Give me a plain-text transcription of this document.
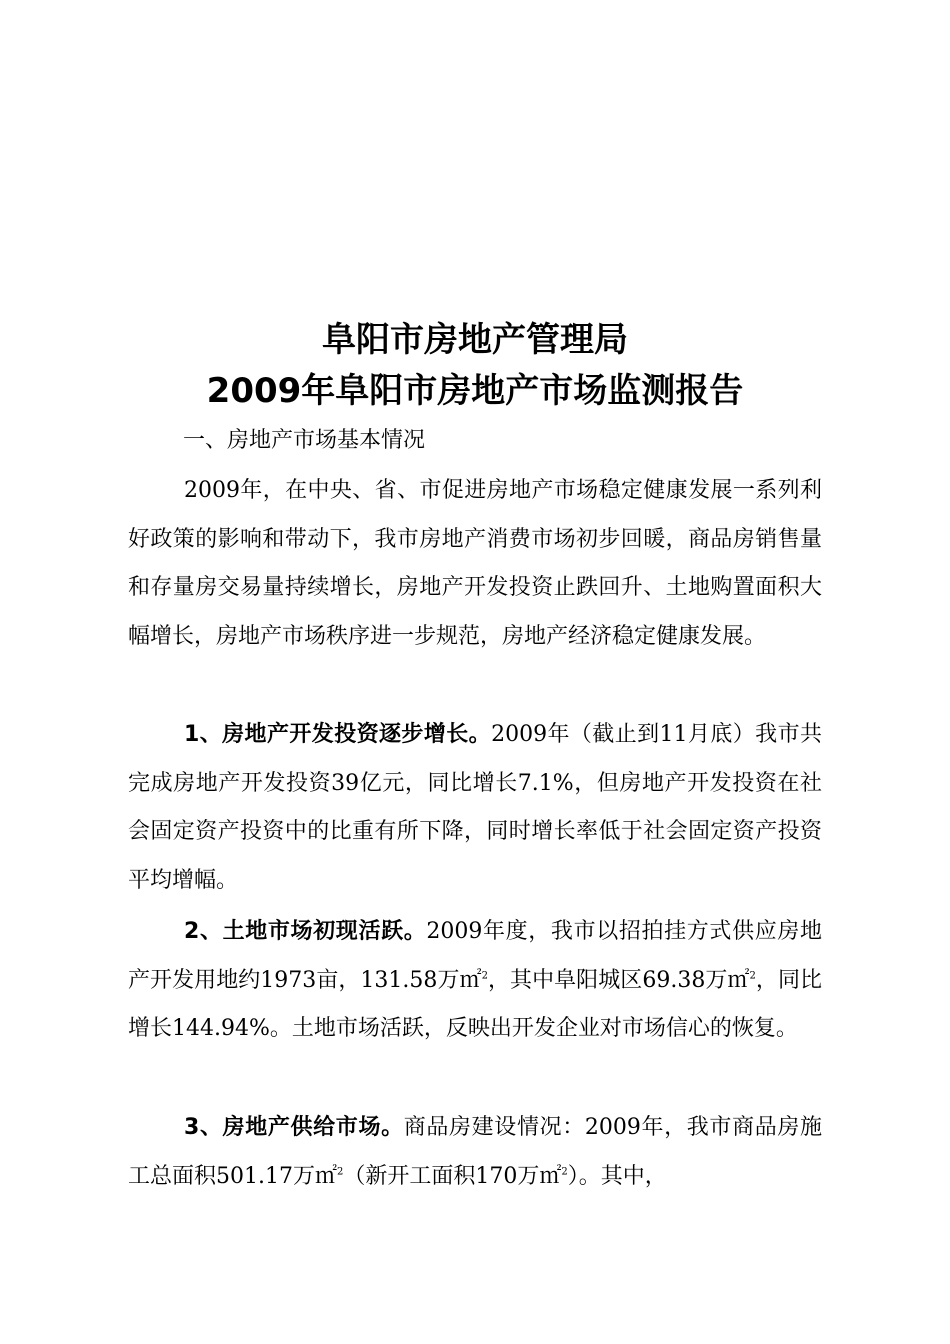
阜阳市房地产管理局
2009年阜阳市房地产市场监测报告
一、房地产市场基本情况

2009年，在中央、省、市促进房地产市场稳定健康发展一系列利好政策的影响和带动下，我市房地产消费市场初步回暖，商品房销售量和存量房交易量持续增长，房地产开发投资止跌回升、土地购置面积大幅增长，房地产市场秩序进一步规范，房地产经济稳定健康发展。

1、房地产开发投资逐步增长。2009年（截止到11月底）我市共完成房地产开发投资39亿元，同比增长7.1%，但房地产开发投资在社会固定资产投资中的比重有所下降，同时增长率低于社会固定资产投资平均增幅。

2、土地市场初现活跃。2009年度，我市以招拍挂方式供应房地产开发用地约1973亩，131.58万㎡$^2$，其中阜阳城区69.38万㎡$^2$，同比增长144.94%。土地市场活跃，反映出开发企业对市场信心的恢复。

3、房地产供给市场。商品房建设情况：2009年，我市商品房施工总面积501.17万㎡$^2$（新开工面积170万㎡$^2$）。其中，
